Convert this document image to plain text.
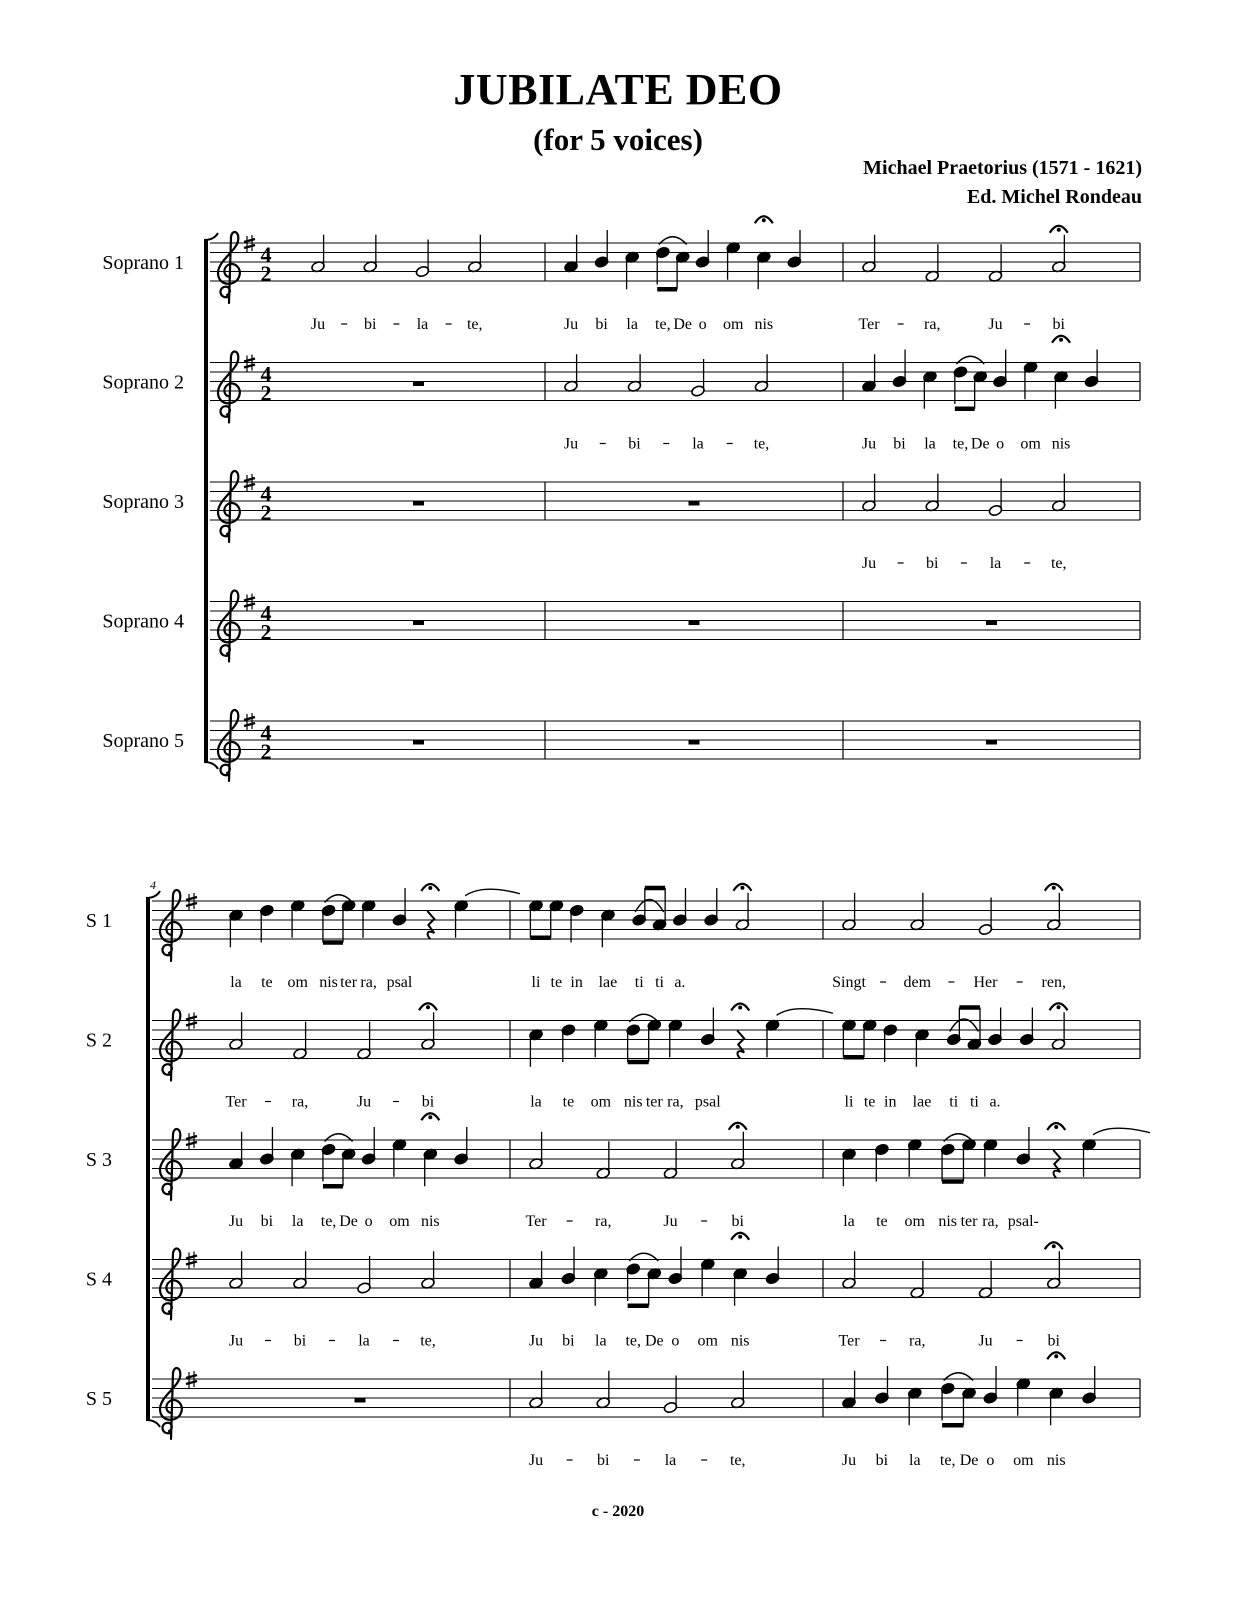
JUBILATE DEO
(for 5 voices)
Michael Praetorius (1571 - 1621)
Ed. Michel Rondeau
Soprano 1	4
2
Ju bi	la te,	Ju bi la te, De o om nis	Ter	ra,	Ju	bi
Soprano 2	4
2
Ju	bi	la	te,	Ju bi la te, De o om nis
Soprano 3	4
2
Ju	bi	la	te,
Soprano 4	4
2
Soprano 5	4
2
4
S 1
la te om nis ter ra, psal	li te in lae ti ti a.	Singt dem	Her	ren,
S 2
Ter	ra,	Ju	bi	la te om nis ter ra, psal	li te in lae ti ti a.
S 3
Ju bi la te, De o om nis	Ter	ra,	Ju	bi	la te om nis ter ra, psal-
S 4
Ju	bi	la	te,	Ju bi la te, De o om nis	Ter	ra,	Ju	bi
S 5
Ju	bi	la	te,	Ju bi la te, De o om nis
c - 2020
